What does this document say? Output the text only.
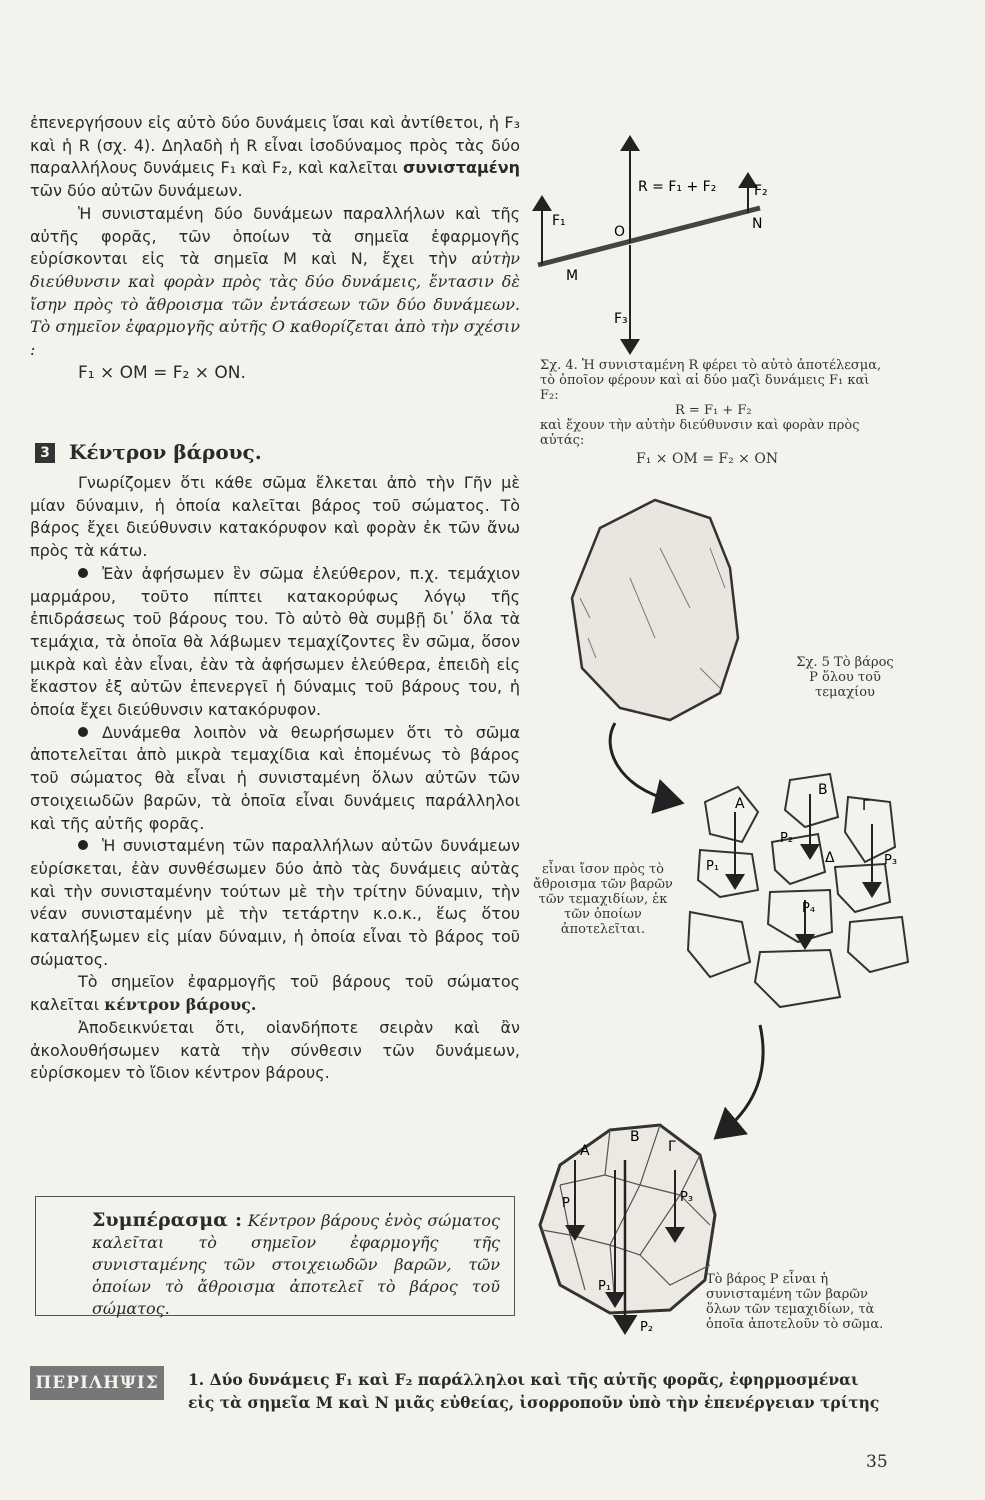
ἐπενεργήσουν εἰς αὐτὸ δύο δυνάμεις ἴσαι καὶ ἀντίθετοι, ἡ F₃ καὶ ἡ R (σχ. 4). Δηλαδὴ ἡ R εἶναι ἰσοδύναμος πρὸς τὰς δύο παραλλήλους δυνάμεις F₁ καὶ F₂, καὶ καλεῖται συνισταμένη τῶν δύο αὐτῶν δυνάμεων.

Ἡ συνισταμένη δύο δυνάμεων παραλλήλων καὶ τῆς αὐτῆς φορᾶς, τῶν ὁποίων τὰ σημεῖα ἐφαρμογῆς εὑρίσκονται εἰς τὰ σημεῖα Μ καὶ Ν, ἔχει τὴν αὐτὴν διεύθυνσιν καὶ φορὰν πρὸς τὰς δύο δυνάμεις, ἔντασιν δὲ ἴσην πρὸς τὸ ἄθροισμα τῶν ἐντάσεων τῶν δύο δυνάμεων. Τὸ σημεῖον ἐφαρμογῆς αὐτῆς Ο καθορίζεται ἀπὸ τὴν σχέσιν :

F₁ × OM = F₂ × ON.

3 Κέντρον βάρους.

Γνωρίζομεν ὅτι κάθε σῶμα ἕλκεται ἀπὸ τὴν Γῆν μὲ μίαν δύναμιν, ἡ ὁποία καλεῖται βάρος τοῦ σώματος. Τὸ βάρος ἔχει διεύθυνσιν κατακόρυφον καὶ φορὰν ἐκ τῶν ἄνω πρὸς τὰ κάτω.

Ἐὰν ἀφήσωμεν ἓν σῶμα ἐλεύθερον, π.χ. τεμάχιον μαρμάρου, τοῦτο πίπτει κατακορύφως λόγῳ τῆς ἐπιδράσεως τοῦ βάρους του. Τὸ αὐτὸ θὰ συμβῇ δι᾽ ὅλα τὰ τεμάχια, τὰ ὁποῖα θὰ λάβωμεν τεμαχίζοντες ἓν σῶμα, ὅσον μικρὰ καὶ ἐὰν εἶναι, ἐὰν τὰ ἀφήσωμεν ἐλεύθερα, ἐπειδὴ εἰς ἕκαστον ἐξ αὐτῶν ἐπενεργεῖ ἡ δύναμις τοῦ βάρους του, ἡ ὁποία ἔχει διεύθυνσιν κατακόρυφον.

Δυνάμεθα λοιπὸν νὰ θεωρήσωμεν ὅτι τὸ σῶμα ἀποτελεῖται ἀπὸ μικρὰ τεμαχίδια καὶ ἑπομένως τὸ βάρος τοῦ σώματος θὰ εἶναι ἡ συνισταμένη ὅλων αὐτῶν τῶν στοιχειωδῶν βαρῶν, τὰ ὁποῖα εἶναι δυνάμεις παράλληλοι καὶ τῆς αὐτῆς φορᾶς.

Ἡ συνισταμένη τῶν παραλλήλων αὐτῶν δυνάμεων εὑρίσκεται, ἐὰν συνθέσωμεν δύο ἀπὸ τὰς δυνάμεις αὐτὰς καὶ τὴν συνισταμένην τούτων μὲ τὴν τρίτην δύναμιν, τὴν νέαν συνισταμένην μὲ τὴν τετάρτην κ.ο.κ., ἕως ὅτου καταλήξωμεν εἰς μίαν δύναμιν, ἡ ὁποία εἶναι τὸ βάρος τοῦ σώματος.

Τὸ σημεῖον ἐφαρμογῆς τοῦ βάρους τοῦ σώματος καλεῖται κέντρον βάρους.

Ἀποδεικνύεται ὅτι, οἱανδήποτε σειρὰν καὶ ἂν ἀκολουθήσωμεν κατὰ τὴν σύνθεσιν τῶν δυνάμεων, εὑρίσκομεν τὸ ἴδιον κέντρον βάρους.

Συμπέρασμα : Κέντρον βάρους ἑνὸς σώματος καλεῖται τὸ σημεῖον ἐφαρμογῆς τῆς συνισταμένης τῶν στοιχειωδῶν βαρῶν, τῶν ὁποίων τὸ ἄθροισμα ἀποτελεῖ τὸ βάρος τοῦ σώματος.

R = F₁ + F₂
F₁
F₂
O
M
N
F₃
Σχ. 4. Ἡ συνισταμένη R φέρει τὸ αὐτὸ ἀποτέλεσμα, τὸ ὁποῖον φέρουν καὶ αἱ δύο μαζὶ δυνάμεις F₁ καὶ F₂:
R = F₁ + F₂
καὶ ἔχουν τὴν αὐτὴν διεύθυνσιν καὶ φορὰν πρὸς αὐτάς:
F₁ × OM = F₂ × ON
Σχ. 5 Τὸ βάρος P ὅλου τοῦ τεμαχίου
A
B
Γ
P₁
P₂
Δ	P₃
P₄
εἶναι ἴσον πρὸς τὸ ἄθροισμα τῶν βαρῶν τῶν τεμαχιδίων, ἐκ τῶν ὁποίων ἀποτελεῖται.
A
B
Γ
P	P₃
P₁
P₂
Τὸ βάρος P εἶναι ἡ συνισταμένη τῶν βαρῶν ὅλων τῶν τεμαχιδίων, τὰ ὁποῖα ἀποτελοῦν τὸ σῶμα.
ΠΕΡΙΛΗΨΙΣ	1. Δύο δυνάμεις F₁ καὶ F₂ παράλληλοι καὶ τῆς αὐτῆς φορᾶς, ἐφηρμοσμέναι εἰς τὰ σημεῖα Μ καὶ Ν μιᾶς εὐθείας, ἰσορροποῦν ὑπὸ τὴν ἐπενέργειαν τρίτης
35
